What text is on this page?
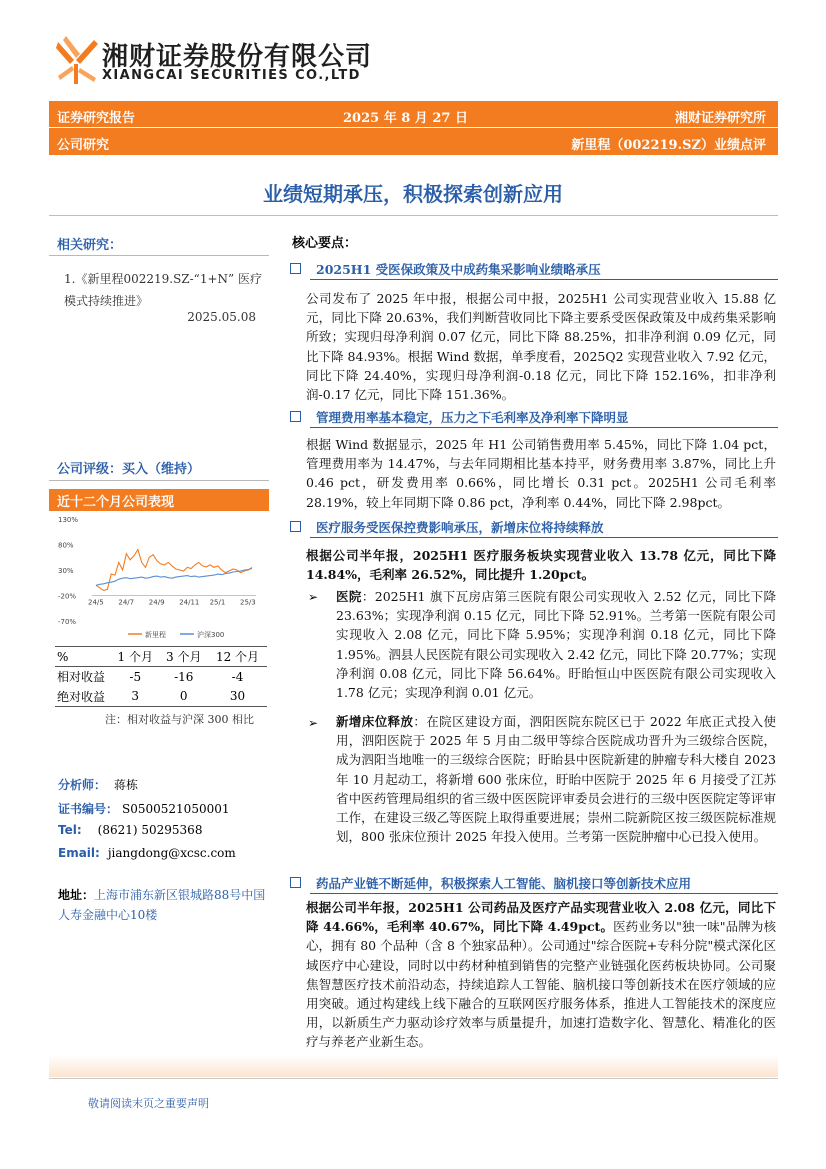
湘财证券股份有限公司
XIANGCAI SECURITIES CO.,LTD
证券研究报告	2025 年 8 月 27 日	湘财证券研究所
公司研究	新里程（002219.SZ）业绩点评
业绩短期承压，积极探索创新应用
相关研究：
1.《新里程002219.SZ-“1+N” 医疗模式持续推进》
2025.05.08
公司评级：买入（维持）
近十二个月公司表现
130%
80%
30%
-20%
-70%
24/5 24/7 24/9 24/11 25/1 25/3
新里程	沪深300
%	1 个月	3 个月	12 个月
相对收益	-5	-16	-4
绝对收益	3	0	30
注：相对收益与沪深 300 相比
分析师： 蒋栋
证书编号： S0500521050001
Tel: (8621) 50295368
Email: jiangdong@xcsc.com
地址：上海市浦东新区银城路88号中国人寿金融中心10楼
核心要点：
2025H1 受医保政策及中成药集采影响业绩略承压
公司发布了 2025 年中报，根据公司中报，2025H1 公司实现营业收入 15.88 亿元，同比下降 20.63%，我们判断营收同比下降主要系受医保政策及中成药集采影响所致；实现归母净利润 0.07 亿元，同比下降 88.25%，扣非净利润 0.09 亿元，同比下降 84.93%。根据 Wind 数据，单季度看，2025Q2 实现营业收入 7.92 亿元，同比下降 24.40%，实现归母净利润-0.18 亿元，同比下降 152.16%，扣非净利润-0.17 亿元，同比下降 151.36%。
管理费用率基本稳定，压力之下毛利率及净利率下降明显
根据 Wind 数据显示，2025 年 H1 公司销售费用率 5.45%，同比下降 1.04 pct，管理费用率为 14.47%，与去年同期相比基本持平，财务费用率 3.87%，同比上升 0.46 pct，研发费用率 0.66%，同比增长 0.31 pct。2025H1 公司毛利率 28.19%，较上年同期下降 0.86 pct，净利率 0.44%，同比下降 2.98pct。
医疗服务受医保控费影响承压，新增床位将持续释放
根据公司半年报，2025H1 医疗服务板块实现营业收入 13.78 亿元，同比下降 14.84%，毛利率 26.52%，同比提升 1.20pct。
➢ 医院：2025H1 旗下瓦房店第三医院有限公司实现收入 2.52 亿元，同比下降 23.63%；实现净利润 0.15 亿元，同比下降 52.91%。兰考第一医院有限公司实现收入 2.08 亿元，同比下降 5.95%；实现净利润 0.18 亿元，同比下降 1.95%。泗县人民医院有限公司实现收入 2.42 亿元，同比下降 20.77%；实现净利润 0.08 亿元，同比下降 56.64%。盱眙恒山中医医院有限公司实现收入 1.78 亿元；实现净利润 0.01 亿元。
➢ 新增床位释放：在院区建设方面，泗阳医院东院区已于 2022 年底正式投入使用，泗阳医院于 2025 年 5 月由二级甲等综合医院成功晋升为三级综合医院，成为泗阳当地唯一的三级综合医院；盱眙县中医院新建的肿瘤专科大楼自 2023 年 10 月起动工，将新增 600 张床位，盱眙中医院于 2025 年 6 月接受了江苏省中医药管理局组织的省三级中医医院评审委员会进行的三级中医医院定等评审工作，在建设三级乙等医院上取得重要进展；崇州二院新院区按三级医院标准规划，800 张床位预计 2025 年投入使用。兰考第一医院肿瘤中心已投入使用。
药品产业链不断延伸，积极探索人工智能、脑机接口等创新技术应用
根据公司半年报，2025H1 公司药品及医疗产品实现营业收入 2.08 亿元，同比下降 44.66%，毛利率 40.67%，同比下降 4.49pct。医药业务以"独一味"品牌为核心，拥有 80 个品种（含 8 个独家品种）。公司通过"综合医院+专科分院"模式深化区域医疗中心建设，同时以中药材种植到销售的完整产业链强化医药板块协同。公司聚焦智慧医疗技术前沿动态，持续追踪人工智能、脑机接口等创新技术在医疗领域的应用突破。通过构建线上线下融合的互联网医疗服务体系，推进人工智能技术的深度应用，以新质生产力驱动诊疗效率与质量提升，加速打造数字化、智慧化、精准化的医疗与养老产业新生态。
敬请阅读末页之重要声明
